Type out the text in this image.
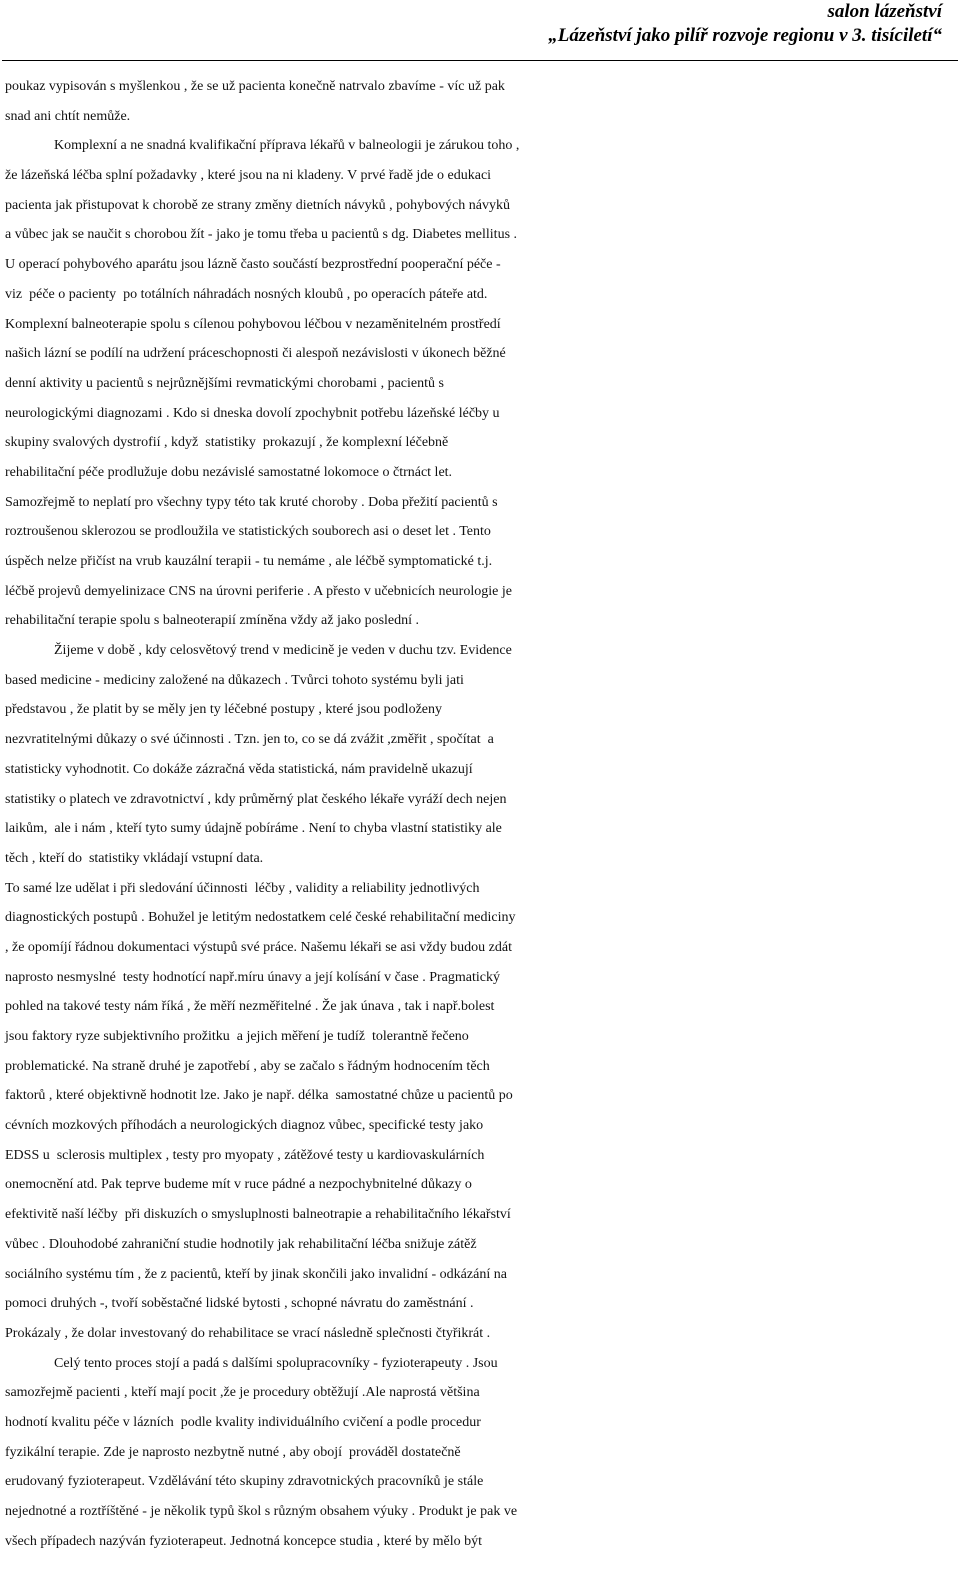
salon lázeňství
„Lázeňství jako pilíř rozvoje regionu v 3. tisíciletí“
poukaz vypisován s myšlenkou , že se už pacienta konečně natrvalo zbavíme - víc už pak
snad ani chtít nemůže.
Komplexní a ne snadná kvalifikační příprava lékařů v balneologii je zárukou toho ,
že lázeňská léčba splní požadavky , které jsou na ni kladeny. V prvé řadě jde o edukaci
pacienta jak přistupovat k chorobě ze strany změny dietních návyků , pohybových návyků
a vůbec jak se naučit s chorobou žít - jako je tomu třeba u pacientů s dg. Diabetes mellitus .
U operací pohybového aparátu jsou lázně často součástí bezprostřední pooperační péče -
viz  péče o pacienty  po totálních náhradách nosných kloubů , po operacích páteře atd.
Komplexní balneoterapie spolu s cílenou pohybovou léčbou v nezaměnitelném prostředí
našich lázní se podílí na udržení práceschopnosti či alespoň nezávislosti v úkonech běžné
denní aktivity u pacientů s nejrůznějšími revmatickými chorobami , pacientů s
neurologickými diagnozami . Kdo si dneska dovolí zpochybnit potřebu lázeňské léčby u
skupiny svalových dystrofií , když  statistiky  prokazují , že komplexní léčebně
rehabilitační péče prodlužuje dobu nezávislé samostatné lokomoce o čtrnáct let.
Samozřejmě to neplatí pro všechny typy této tak kruté choroby . Doba přežití pacientů s
roztroušenou sklerozou se prodloužila ve statistických souborech asi o deset let . Tento
úspěch nelze přičíst na vrub kauzální terapii - tu nemáme , ale léčbě symptomatické t.j.
léčbě projevů demyelinizace CNS na úrovni periferie . A přesto v učebnicích neurologie je
rehabilitační terapie spolu s balneoterapií zmíněna vždy až jako poslední .
Žijeme v době , kdy celosvětový trend v medicině je veden v duchu tzv. Evidence
based medicine - mediciny založené na důkazech . Tvůrci tohoto systému byli jati
představou , že platit by se měly jen ty léčebné postupy , které jsou podloženy
nezvratitelnými důkazy o své účinnosti . Tzn. jen to, co se dá zvážit ,změřit , spočítat  a
statisticky vyhodnotit. Co dokáže zázračná věda statistická, nám pravidelně ukazují
statistiky o platech ve zdravotnictví , kdy průměrný plat českého lékaře vyráží dech nejen
laikům,  ale i nám , kteří tyto sumy údajně pobíráme . Není to chyba vlastní statistiky ale
těch , kteří do  statistiky vkládají vstupní data.
To samé lze udělat i při sledování účinnosti  léčby , validity a reliability jednotlivých
diagnostických postupů . Bohužel je letitým nedostatkem celé české rehabilitační mediciny
, že opomíjí řádnou dokumentaci výstupů své práce. Našemu lékaři se asi vždy budou zdát
naprosto nesmyslné  testy hodnotící např.míru únavy a její kolísání v čase . Pragmatický
pohled na takové testy nám říká , že měří nezměřitelné . Že jak únava , tak i např.bolest
jsou faktory ryze subjektivního prožitku  a jejich měření je tudíž  tolerantně řečeno
problematické. Na straně druhé je zapotřebí , aby se začalo s řádným hodnocením těch
faktorů , které objektivně hodnotit lze. Jako je např. délka  samostatné chůze u pacientů po
cévních mozkových příhodách a neurologických diagnoz vůbec, specifické testy jako
EDSS u  sclerosis multiplex , testy pro myopaty , zátěžové testy u kardiovaskulárních
onemocnění atd. Pak teprve budeme mít v ruce pádné a nezpochybnitelné důkazy o
efektivitě naší léčby  při diskuzích o smysluplnosti balneotrapie a rehabilitačního lékařství
vůbec . Dlouhodobé zahraniční studie hodnotily jak rehabilitační léčba snižuje zátěž
sociálního systému tím , že z pacientů, kteří by jinak skončili jako invalidní - odkázání na
pomoci druhých -, tvoří soběstačné lidské bytosti , schopné návratu do zaměstnání .
Prokázaly , že dolar investovaný do rehabilitace se vrací následně splečnosti čtyřikrát .
Celý tento proces stojí a padá s dalšími spolupracovníky - fyzioterapeuty . Jsou
samozřejmě pacienti , kteří mají pocit ,že je procedury obtěžují .Ale naprostá většina
hodnotí kvalitu péče v lázních  podle kvality individuálního cvičení a podle procedur
fyzikální terapie. Zde je naprosto nezbytně nutné , aby obojí  prováděl dostatečně
erudovaný fyzioterapeut. Vzdělávání této skupiny zdravotnických pracovníků je stále
nejednotné a roztříštěné - je několik typů škol s různým obsahem výuky . Produkt je pak ve
všech případech nazýván fyzioterapeut. Jednotná koncepce studia , které by mělo být
